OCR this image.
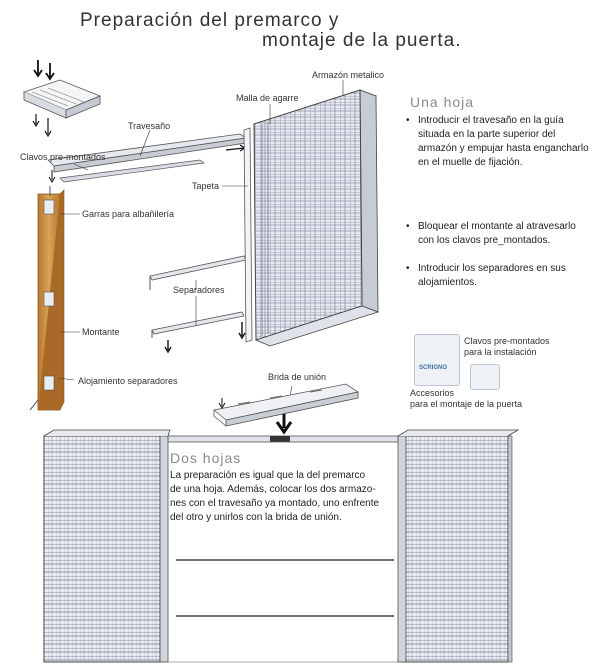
Preparación del premarco y
montaje de la puerta.
Armazón metalico
Malla de agarre
Travesaño
Clavos pre-montados
Tapeta
Garras para albañilería
Separadores
Montante
Alojamiento separadores	Brida de unión
Una hoja
• Introducir el travesaño en la guía situada en la parte superior del armazón y empujar hasta engancharlo en el muelle de fijación.
• Bloquear el montante al atravesarlo con los clavos pre_montados.
• Introducir los separadores en sus alojamientos.
SCRIGNO
Clavos pre-montados
para la instalación
Accesorios
para el montaje de la puerta
Dos hojas
La preparación es igual que la del premarco
de una hoja. Además, colocar los dos armazo-
nes con el travesaño ya montado, uno enfrente
del otro y unirlos con la brida de unión.
